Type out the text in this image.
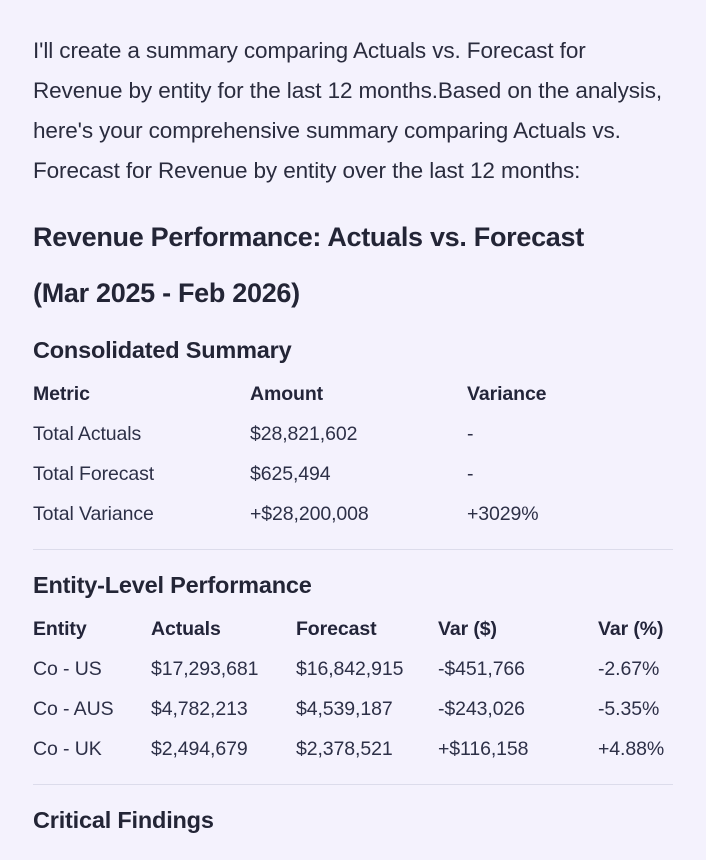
I'll create a summary comparing Actuals vs. Forecast for Revenue by entity for the last 12 months.Based on the analysis, here's your comprehensive summary comparing Actuals vs. Forecast for Revenue by entity over the last 12 months:

Revenue Performance: Actuals vs. Forecast (Mar 2025 - Feb 2026)
Consolidated Summary
Metric	Amount	Variance
Total Actuals	$28,821,602	-
Total Forecast	$625,494	-
Total Variance	+$28,200,008	+3029%
Entity-Level Performance
Entity	Actuals	Forecast	Var ($)	Var (%)
Co - US	$17,293,681	$16,842,915	-$451,766	-2.67%
Co - AUS	$4,782,213	$4,539,187	-$243,026	-5.35%
Co - UK	$2,494,679	$2,378,521	+$116,158	+4.88%
Critical Findings
